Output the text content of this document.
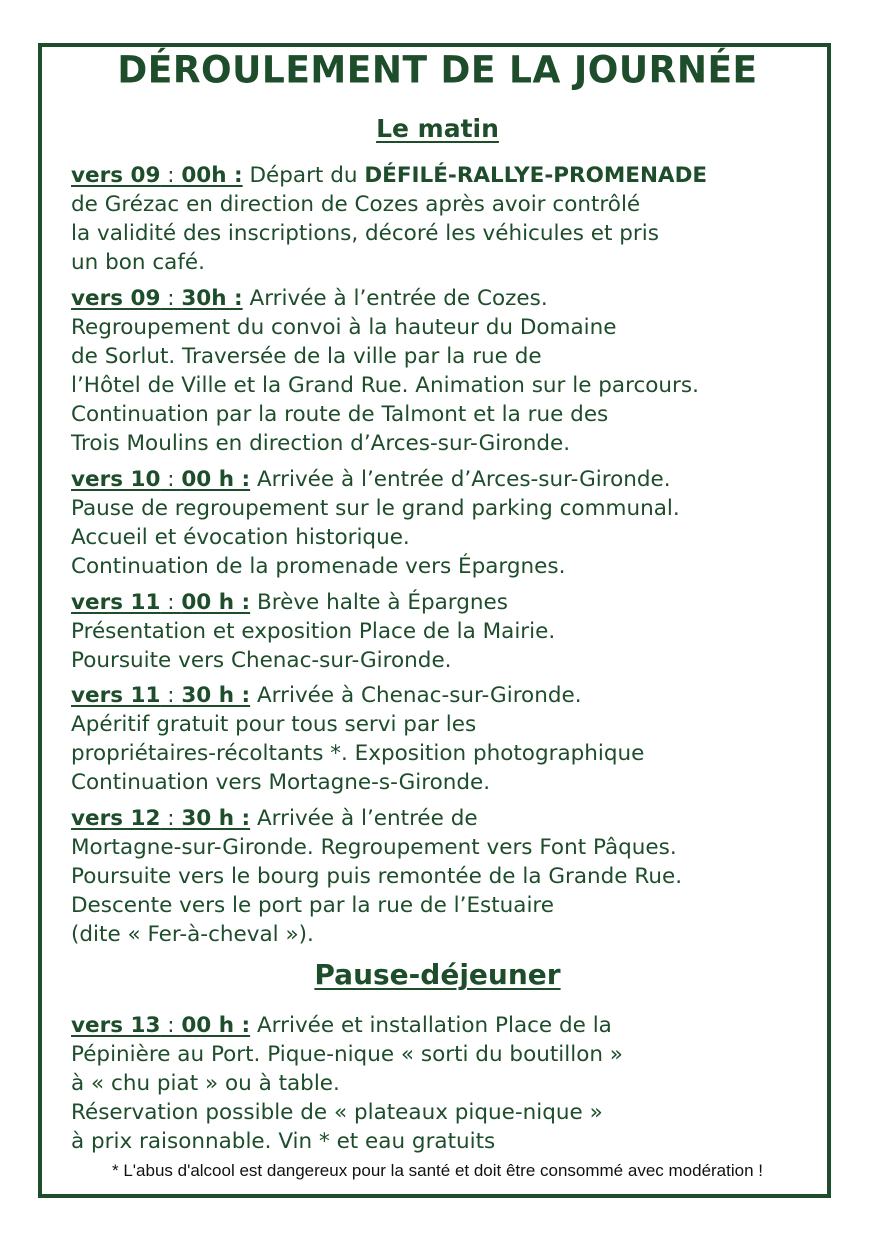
DÉROULEMENT DE LA JOURNÉE
Le matin
vers 09 : 00h : Départ du DÉFILÉ-RALLYE-PROMENADE
de Grézac en direction de Cozes après avoir contrôlé
la validité des inscriptions, décoré les véhicules et pris
un bon café.
vers 09 : 30h : Arrivée à l’entrée de Cozes.
Regroupement du convoi à la hauteur du Domaine
de Sorlut. Traversée de la ville par la rue de
l’Hôtel de Ville et la Grand Rue. Animation sur le parcours.
Continuation par la route de Talmont et la rue des
Trois Moulins en direction d’Arces-sur-Gironde.
vers 10 : 00 h : Arrivée à l’entrée d’Arces-sur-Gironde.
Pause de regroupement sur le grand parking communal.
Accueil et évocation historique.
Continuation de la promenade vers Épargnes.
vers 11 : 00 h : Brève halte à Épargnes
Présentation et exposition Place de la Mairie.
Poursuite vers Chenac-sur-Gironde.
vers 11 : 30 h : Arrivée à Chenac-sur-Gironde.
Apéritif gratuit pour tous servi par les
propriétaires-récoltants *. Exposition photographique
Continuation vers Mortagne-s-Gironde.
vers 12 : 30 h : Arrivée à l’entrée de
Mortagne-sur-Gironde. Regroupement vers Font Pâques.
Poursuite vers le bourg puis remontée de la Grande Rue.
Descente vers le port par la rue de l’Estuaire
(dite « Fer-à-cheval »).
Pause-déjeuner
vers 13 : 00 h : Arrivée et installation Place de la
Pépinière au Port. Pique-nique « sorti du boutillon »
à « chu piat » ou à table.
Réservation possible de « plateaux pique-nique »
à prix raisonnable. Vin * et eau gratuits
* L'abus d'alcool est dangereux pour la santé et doit être consommé avec modération !
